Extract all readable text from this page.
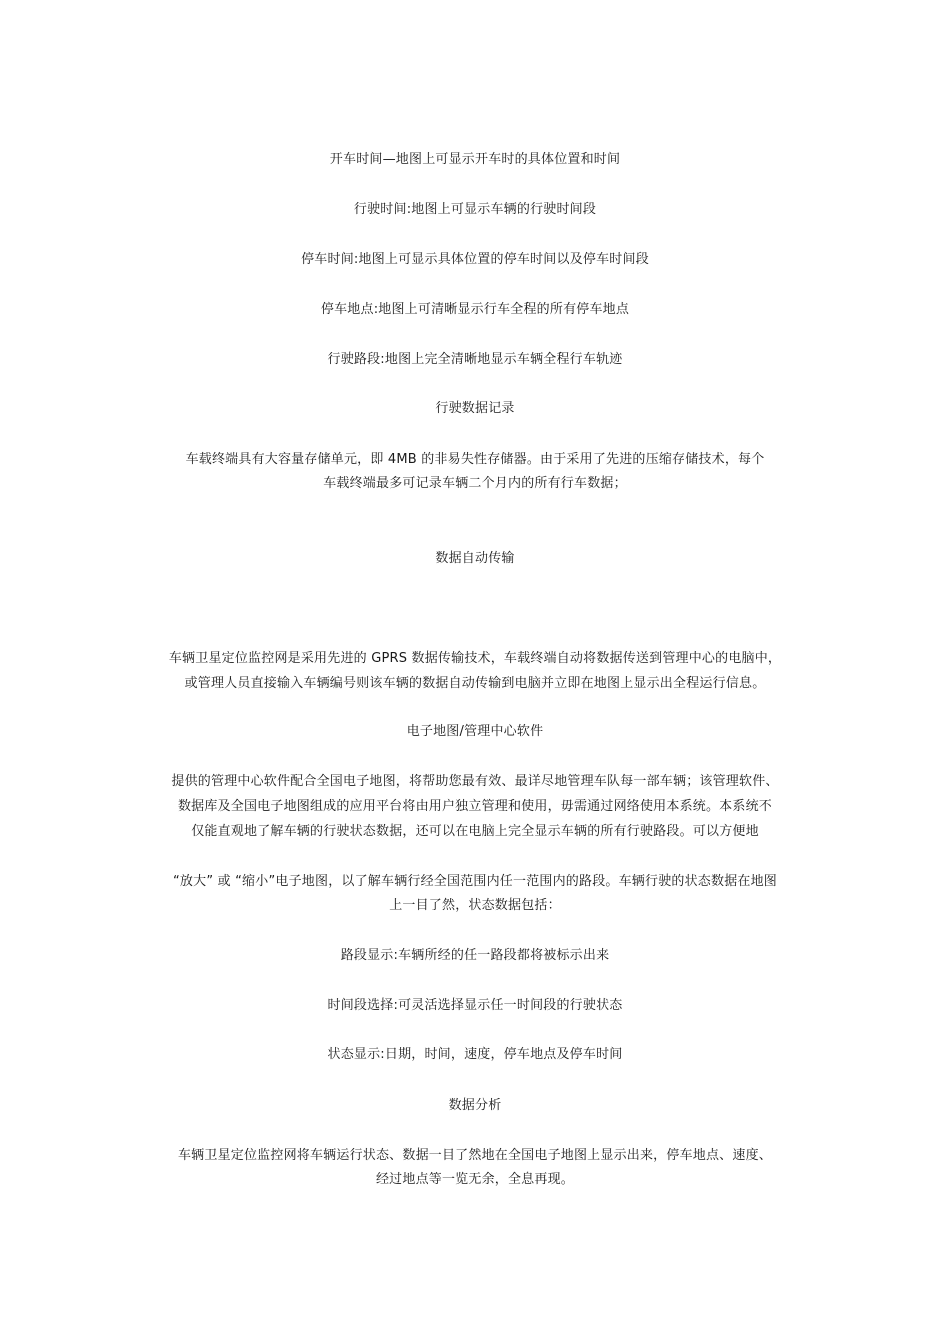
开车时间—地图上可显示开车时的具体位置和时间
行驶时间:地图上可显示车辆的行驶时间段
停车时间:地图上可显示具体位置的停车时间以及停车时间段
停车地点:地图上可清晰显示行车全程的所有停车地点
行驶路段:地图上完全清晰地显示车辆全程行车轨迹
行驶数据记录
车载终端具有大容量存储单元，即 4MB 的非易失性存储器。由于采用了先进的压缩存储技术，每个
车载终端最多可记录车辆二个月内的所有行车数据；
数据自动传输
车辆卫星定位监控网是采用先进的 GPRS 数据传输技术，车载终端自动将数据传送到管理中心的电脑中，
或管理人员直接输入车辆编号则该车辆的数据自动传输到电脑并立即在地图上显示出全程运行信息。
电子地图/管理中心软件
提供的管理中心软件配合全国电子地图，将帮助您最有效、最详尽地管理车队每一部车辆；该管理软件、
数据库及全国电子地图组成的应用平台将由用户独立管理和使用，毋需通过网络使用本系统。本系统不
仅能直观地了解车辆的行驶状态数据，还可以在电脑上完全显示车辆的所有行驶路段。可以方便地
“放大” 或 “缩小”电子地图，以了解车辆行经全国范围内任一范围内的路段。车辆行驶的状态数据在地图
上一目了然，状态数据包括：
路段显示:车辆所经的任一路段都将被标示出来
时间段选择:可灵活选择显示任一时间段的行驶状态
状态显示:日期，时间，速度，停车地点及停车时间
数据分析
车辆卫星定位监控网将车辆运行状态、数据一目了然地在全国电子地图上显示出来，停车地点、速度、
经过地点等一览无余，全息再现。
